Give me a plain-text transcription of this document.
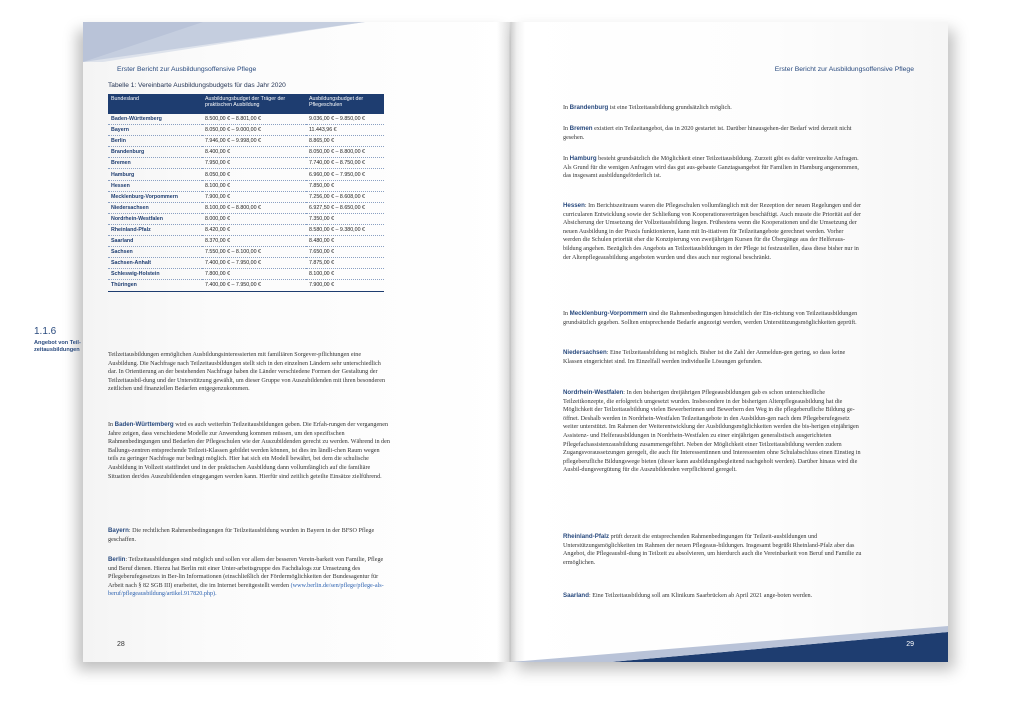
Erster Bericht zur Ausbildungsoffensive Pflege
28
Erster Bericht zur Ausbildungsoffensive Pflege
29
Tabelle 1: Vereinbarte Ausbildungsbudgets für das Jahr 2020
Bundesland	Ausbildungsbudget der Träger der praktischen Ausbildung	Ausbildungsbudget der Pflegeschulen
Baden-Württemberg	8.500,00 € – 8.801,00 €	9.036,00 € – 9.850,00 €
Bayern	8.050,00 € – 9.000,00 €	11.443,96 €
Berlin	7.946,00 € – 9.998,00 €	8.865,00 €
Brandenburg	8.400,00 €	8.050,00 € – 8.800,00 €
Bremen	7.950,00 €	7.740,00 € – 8.750,00 €
Hamburg	8.050,00 €	6.960,00 € – 7.950,00 €
Hessen	8.100,00 €	7.850,00 €
Mecklenburg-Vorpommern	7.900,00 €	7.256,00 € – 8.608,00 €
Niedersachsen	8.100,00 € – 8.800,00 €	6.927,50 € – 8.650,00 €
Nordrhein-Westfalen	8.000,00 €	7.350,00 €
Rheinland-Pfalz	8.420,00 €	8.580,00 € – 9.380,00 €
Saarland	8.370,00 €	8.480,00 €
Sachsen	7.550,00 € – 8.100,00 €	7.650,00 €
Sachsen-Anhalt	7.400,00 € – 7.950,00 €	7.875,00 €
Schleswig-Holstein	7.800,00 €	8.100,00 €
Thüringen	7.400,00 € – 7.950,00 €	7.900,00 €
1.1.6
Angebot von Teil-zeitausbildungen

Teilzeitausbildungen ermöglichen Ausbildungsinteressierten mit familiären Sorgever-pflichtungen eine Ausbildung. Die Nachfrage nach Teilzeitausbildungen stellt sich in den einzelnen Ländern sehr unterschiedlich dar. In Orientierung an der bestehenden Nachfrage haben die Länder verschiedene Formen der Gestaltung der Teilzeitausbil-dung und der Unterstützung gewählt, um dieser Gruppe von Auszubildenden mit ihren besonderen zeitlichen und finanziellen Bedarfen entgegenzukommen.

In Baden-Württemberg wird es auch weiterhin Teilzeitausbildungen geben. Die Erfah-rungen der vergangenen Jahre zeigen, dass verschiedene Modelle zur Anwendung kommen müssen, um den spezifischen Rahmenbedingungen und Bedarfen der Pflegeschulen wie der Auszubildenden gerecht zu werden. Während in den Ballungs-zentren entsprechende Teilzeit-Klassen gebildet werden können, ist dies im ländli-chen Raum wegen teils zu geringer Nachfrage nur bedingt möglich. Hier hat sich ein Modell bewährt, bei dem die schulische Ausbildung in Vollzeit stattfindet und in der praktischen Ausbildung dann vollumfänglich auf die familiäre Situation der/des Auszubildenden eingegangen werden kann. Hierfür sind zeitlich geteilte Einsätze zielführend.

Bayern: Die rechtlichen Rahmenbedingungen für Teilzeitausbildung wurden in Bayern in der BFSO Pflege geschaffen.

Berlin: Teilzeitausbildungen sind möglich und sollen vor allem der besseren Verein-barkeit von Familie, Pflege und Beruf dienen. Hierzu hat Berlin mit einer Unter-arbeitsgruppe des Fachdialogs zur Umsetzung des Pflegeberufegesetzes in Ber-lin Informationen (einschließlich der Fördermöglichkeiten der Bundesagentur für Arbeit nach § 82 SGB III) erarbeitet, die im Internet bereitgestellt werden (www.berlin.de/sen/pflege/pflege-als-beruf/pflegeausbildung/artikel.917820.php).

In Brandenburg ist eine Teilzeitausbildung grundsätzlich möglich.

In Bremen existiert ein Teilzeitangebot, das in 2020 gestartet ist. Darüber hinausgehen-der Bedarf wird derzeit nicht gesehen.

In Hamburg besteht grundsätzlich die Möglichkeit einer Teilzeitausbildung. Zurzeit gibt es dafür vereinzelte Anfragen. Als Grund für die wenigen Anfragen wird das gut aus-gebaute Ganztagsangebot für Familien in Hamburg angenommen, das insgesamt ausbildungsförderlich ist.

Hessen: Im Berichtszeitraum waren die Pflegeschulen vollumfänglich mit der Rezeption der neuen Regelungen und der curricularen Entwicklung sowie der Schließung von Kooperationsverträgen beschäftigt. Auch musste die Priorität auf der Absicherung der Umsetzung der Vollzeitausbildung liegen. Frühestens wenn die Kooperationen und die Umsetzung der neuen Ausbildung in der Praxis funktionieren, kann mit In-itiativen für Teilzeitangebote gerechnet werden. Vorher werden die Schulen priorität eher die Konzipierung von zweijährigen Kursen für die Übergänge aus der Helferaus-bildung angehen. Bezüglich des Angebots an Teilzeitausbildungen in der Pflege ist festzustellen, dass diese bisher nur in der Altenpflegeausbildung angeboten wurden und dies auch nur regional beschränkt.

In Mecklenburg-Vorpommern sind die Rahmenbedingungen hinsichtlich der Ein-richtung von Teilzeitausbildungen grundsätzlich gegeben. Sollten entsprechende Bedarfe angezeigt werden, werden Unterstützungsmöglichkeiten geprüft.

Niedersachsen: Eine Teilzeitausbildung ist möglich. Bisher ist die Zahl der Anmeldun-gen gering, so dass keine Klassen eingerichtet sind. Im Einzelfall werden individuelle Lösungen gefunden.

Nordrhein-Westfalen: In den bisherigen dreijährigen Pflegeausbildungen gab es schon unterschiedliche Teilzeitkonzepte, die erfolgreich umgesetzt wurden. Insbesondere in der bisherigen Altenpflegeausbildung hat die Möglichkeit der Teilzeitausbildung vielen Bewerberinnen und Bewerbern den Weg in die pflegeberufliche Bildung ge-öffnet. Deshalb werden in Nordrhein-Westfalen Teilzeitangebote in den Ausbildun-gen nach dem Pflegeberufegesetz weiter unterstützt. Im Rahmen der Weiterentwicklung der Ausbildungsmöglichkeiten werden die bis-herigen einjährigen Assistenz- und Helferausbildungen in Nordrhein-Westfalen zu einer einjährigen generalistisch ausgerichteten Pflegefachassistenzausbildung zusammengeführt. Neben der Möglichkeit einer Teilzeitausbildung werden zudem Zugangsvoraussetzungen geregelt, die auch für Interessentinnen und Interessenten ohne Schulabschluss einen Einstieg in pflegeberufliche Bildungswege bieten (dieser kann ausbildungsbegleitend nachgeholt werden). Darüber hinaus wird die Ausbil-dungsvergütung für die Auszubildenden verpflichtend geregelt.

Rheinland-Pfalz prüft derzeit die entsprechenden Rahmenbedingungen für Teilzeit-ausbildungen und Unterstützungsmöglichkeiten im Rahmen der neuen Pflegeaus-bildungen. Insgesamt begrüßt Rheinland-Pfalz aber das Angebot, die Pflegeausbil-dung in Teilzeit zu absolvieren, um hierdurch auch die Vereinbarkeit von Beruf und Familie zu ermöglichen.

Saarland: Eine Teilzeitausbildung soll am Klinikum Saarbrücken ab April 2021 ange-boten werden.
